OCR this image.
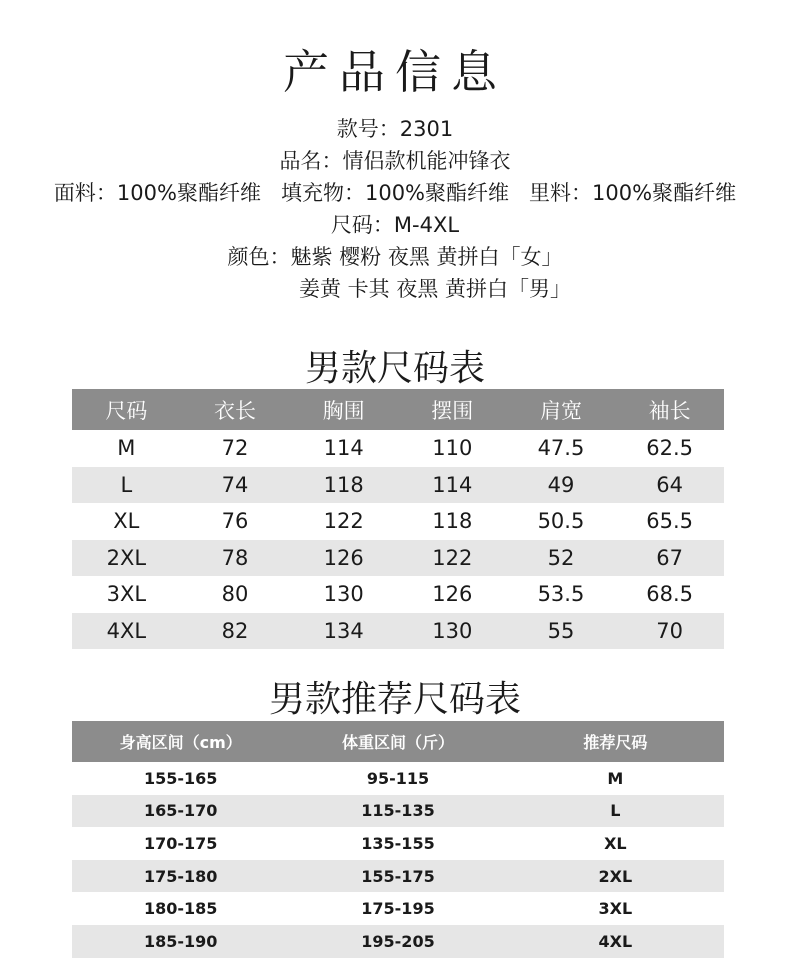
产品信息
款号：2301
品名：情侣款机能冲锋衣
面料：100%聚酯纤维   填充物：100%聚酯纤维   里料：100%聚酯纤维
尺码：M-4XL
颜色：魅紫 樱粉 夜黑 黄拼白「女」
姜黄 卡其 夜黑 黄拼白「男」
男款尺码表
尺码	衣长	胸围	摆围	肩宽	袖长
M	72	114	110	47.5	62.5
L	74	118	114	49	64
XL	76	122	118	50.5	65.5
2XL	78	126	122	52	67
3XL	80	130	126	53.5	68.5
4XL	82	134	130	55	70
男款推荐尺码表
身高区间（cm）	体重区间（斤）	推荐尺码
155-165	95-115	M
165-170	115-135	L
170-175	135-155	XL
175-180	155-175	2XL
180-185	175-195	3XL
185-190	195-205	4XL
